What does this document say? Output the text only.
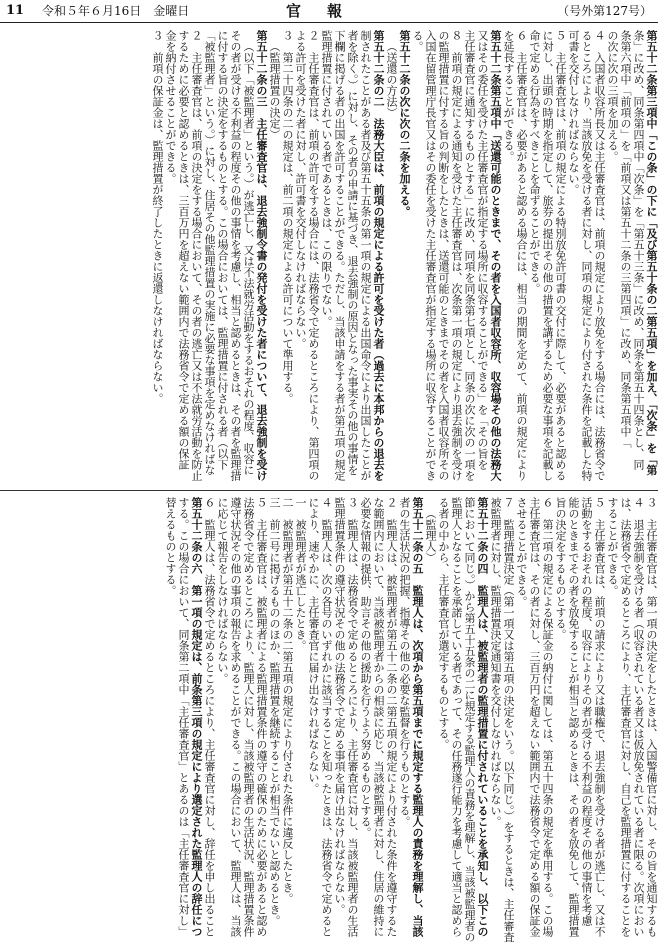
11 令和５年６月16日　金曜日	官報	（号外第127号）
第五十二条第三項中「この条」の下に「及び第五十条の二第五項」を加え、「次条」を「第
条」に改め、同条第四項中「次条」を「第五十三条」に改め、同条を第五十四条とし、同
条第六項中「前項の」を「前項又は第五十二条の三第四項」に改め、同条第五項中「
の次に次の三項を加える。
４　入国者収容所長又は主任審査官は、前項の規定により放免をする場合には、法務省令で
るところにより、当該放免を受ける者に対し、同項の規定により付された条件を記載した特
可書を交付しなければならない。
５　主任審査官は、前項の規定による特別放免許可書の交付に際して、必要があると認める
に対し、出頭の時期を指定して、旅券の提出その他の措置を講ずるため必要な事項を記載し
命で定める行為をすべきことを命ずることができる。
６　主任審査官は、必要があると認める場合には、相当の期間を定めて、前項の規定により
を延長することができる。
第五十二条第五項中「送還可能のときまで、その者を入国者収容所、収容場その他の法務大
又はその委任を受けた主任審査官が指定する場所に収容することができる」を「その旨を
主任審査官に通知するものとする」に改め、同項を同条第七項とし、同条の次に次の一項を
８　前項の規定による通知を受けた主任審査官は、次条第一項の規定により退去強制を受け
の監理措置に付する旨の判断をしたときは、送還可能のときまでその者を入国者収容所その
入国在留管理庁長官又はその委任を受けた主任審査官が指定する場所に収容することができ
る。
第五十二条の次に次の二条を加える。
（送還の方法）
第五十二条の二　法務大臣は、前項の規定による許可を受けた者（過去に本邦からの退去を
制されたことがある者及び第五十五条の第一項の規定による出国命令により出国したことが
者を除く。）に対し、その者の申請に基づき、退去強制の原因となった事実その他の事情を
下欄に掲げる者の出国を許可することができる。ただし、当該申請をする者が第五項の規定
監理措置に付されている者であるときは、この限りでない。
２　主任審査官は、前項の許可をする場合には、法務省令で定めるところにより、第四項の
よる許可を受けた者に対し、許可書を交付しなければならない。
３　第二十四条の二の規定は、前二項の規定による許可について準用する。
（監理措置の決定）
第五十二条の三　主任審査官は、退去強制令書の発付を受けた者について、退去強制を受け
（以下「被監理者」という。）が逃亡し、又は不法就労活動をするおそれの程度、収容に
その者が受ける不利益の程度その他の事情を考慮し、相当と認めるときは、その者を監理措
に付する旨の決定をするものとする。この場合においては、監理措置に付される者（以下
「被監理者」という。）に対し、住居その他監理措置の実施に必要な事項を定めなければな
２　主任審査官は、前項の決定をする場合において、その者の逃亡又は不法就労活動を防止
するために必要と認めるときは、三百万円を超えない範囲内で法務省令で定める額の保証
金を納付させることができる。
３　前項の保証金は、監理措置が終了したときに返還しなければならない。
３　主任審査官は、第一項の決定をしたときは、入国警備官に対し、その旨を通知するも
４　退去強制を受ける者（収容されている者又は仮放免されている者に限る。次項におい
は、法務省令で定めるところにより、主任審査官に対し、自己を監理措置に付することを
することができる。
５　主任審査官は、前項の請求により又は職権で、退去強制を受ける者が逃亡し、又は不
活動をするおそれの程度、収容によりその者が受ける不利益の程度その他の事情を考慮
能のときまでその者を放免することが相当と認めるときは、その者を放免して、監理措置
旨の決定をするものとする。
６　第二項の規定による保証金の納付に関しては、第五十四条の規定を準用する。この場
主任審査官は、その者に対し、三百万円を超えない範囲内で法務省令で定める額の保証金
させることができる。
７　監理措置決定（第一項又は第五項の決定をいう。以下同じ。）をするときは、主任審査
被監理者に対し、監理措置決定通知書を交付しなければならない。
第五十二条の四　監理人は、被監理者の監理措置に付されていることを承知し、以下この
節において同じ。）から第五十五条の二に規定する監理人の責務を理解し、当該被監理者の
監理人となることを承諾している者であって、その任務遂行能力を考慮して適当と認めら
る者の中から、主任審査官が選定するものとする。
（監理人）
第五十二条の五　監理人は、次項から第五項までに規定する監理人の責務を理解し、当該
者の生活状況の把握、指導その他の必要な監督を行うものとする。
２　監理人は、被監理者が第五十二条の二第五項の規定により付された条件を遵守するた
な範囲内において、当該被監理者からの相談に応じ、当該被監理者に対し、住居の維持に
必要な情報の提供、助言その他の援助を行うよう努めるものとする。
３　監理人は、法務省令で定めるところにより、主任審査官に対し、当該被監理者の生活
監理措置条件の遵守状況その他の法務省令で定める事項を届け出なければならない。
４　監理人は、次の各号のいずれかに該当することを知ったときは、法務省令で定めると
により、速やかに、主任審査官に届け出なければならない。
一　被監理者が逃亡したとき。
二　被監理者が第五十二条の二第五項の規定により付された条件に違反したとき。
三　前二号に掲げるもののほか、監理措置を継続することが相当でないと認めるとき。
５　主任審査官は、被監理者による監理措置条件の遵守の確保のために必要があると認め
法務省令で定めるところにより、監理人に対し、当該被監理者の生活状況、監理措置条件
遵守状況その他の事項の報告を求めることができる。この場合において、監理人は、当該
に応じて報告をしなければならない。
６　監理人は、法務省令で定めるところにより、主任審査官に対し、辞任を申し出ること
第五十二条の六　第一項の規定は、前条第三項の規定により選定された監理人の辞任につ
する。この場合において、同条第二項中「主任審査官」とあるのは「主任審査官に対し」
替えるものとする。
